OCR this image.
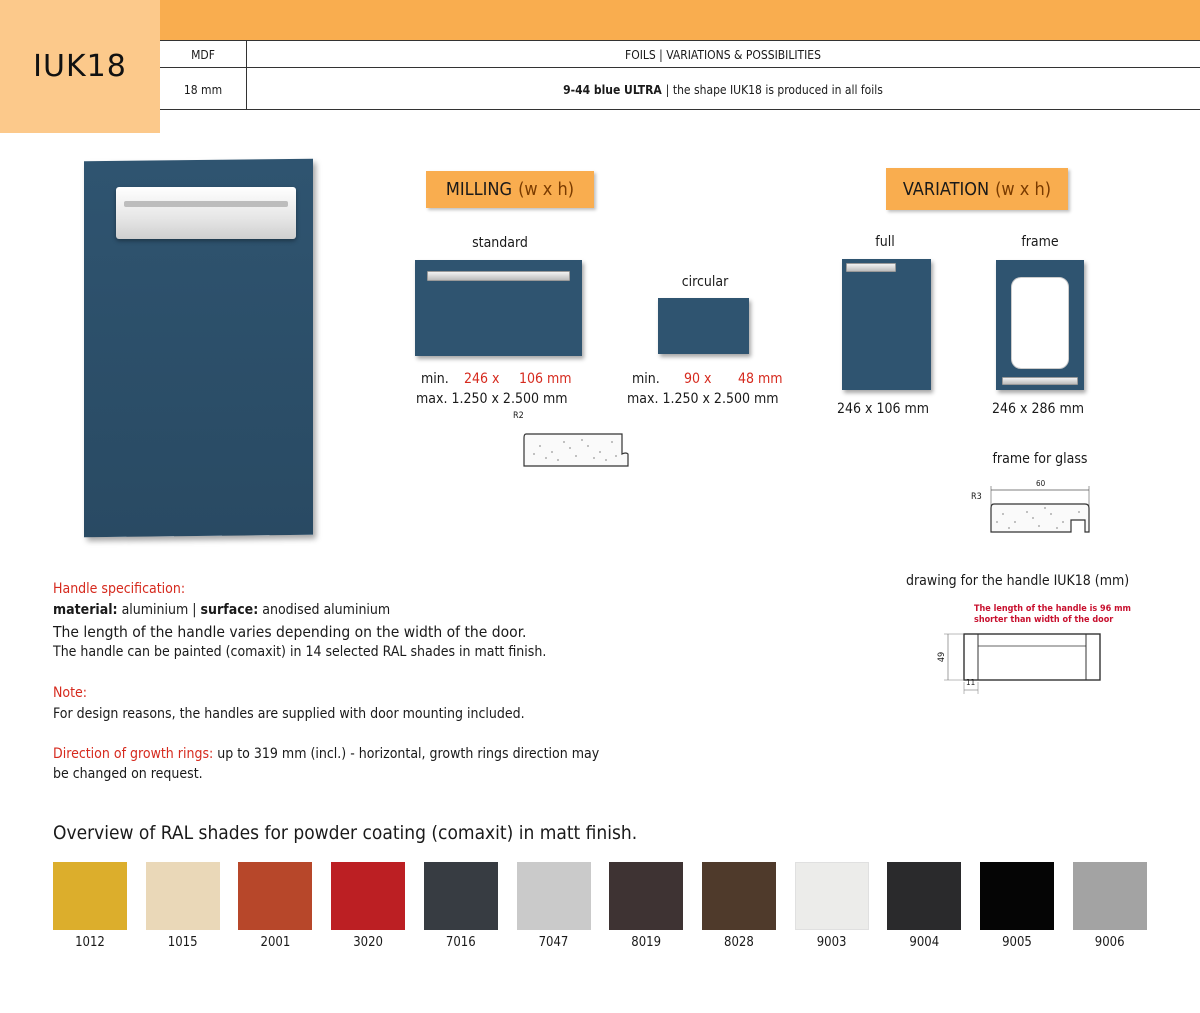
IUK18	MDF	FOILS | VARIATIONS & POSSIBILITIES
18 mm	9-44 blue ULTRA | the shape IUK18 is produced in all foils
MILLING (w x h)
standard
min. 246 x 106 mm
max. 1.250 x 2.500 mm
R2
circular
min. 90 x 48 mm
max. 1.250 x 2.500 mm
VARIATION (w x h)
full
246 x 106 mm
frame
246 x 286 mm
frame for glass
R3
60
drawing for the handle IUK18 (mm)
The length of the handle is 96 mm
shorter than width of the door
49
11
Handle specification:
material: aluminium | surface: anodised aluminium
The length of the handle varies depending on the width of the door.
The handle can be painted (comaxit) in 14 selected RAL shades in matt finish.
Note:
For design reasons, the handles are supplied with door mounting included.
Direction of growth rings: up to 319 mm (incl.) - horizontal, growth rings direction may
be changed on request.
Overview of RAL shades for powder coating (comaxit) in matt finish.
1012	1015	2001	3020	7016	7047	8019	8028	9003	9004	9005	9006
